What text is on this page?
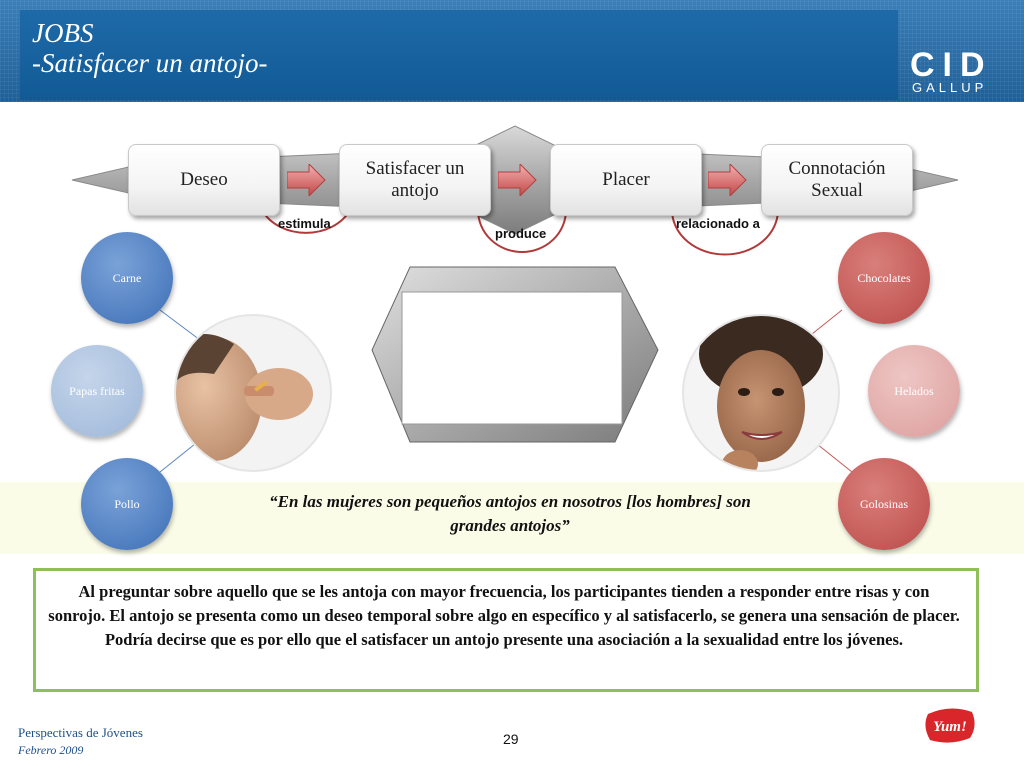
JOBS
-Satisfacer un antojo-	CID
GALLUP
Deseo
Satisfacer un antojo
Placer
Connotación Sexual
estimula
produce
relacionado a
Carne
Papas fritas
Pollo
Chocolates
Helados
Golosinas
“En las mujeres son pequeños antojos en nosotros [los hombres] son grandes antojos”
Al preguntar sobre aquello que se les antoja con mayor frecuencia, los participantes tienden a responder entre risas y con sonrojo. El antojo se presenta como un deseo temporal sobre algo en específico y al satisfacerlo, se genera una sensación de placer. Podría decirse que es por ello que el satisfacer un antojo presente una asociación a la sexualidad entre los jóvenes.
Perspectivas de Jóvenes
Febrero 2009
29
Yum!
